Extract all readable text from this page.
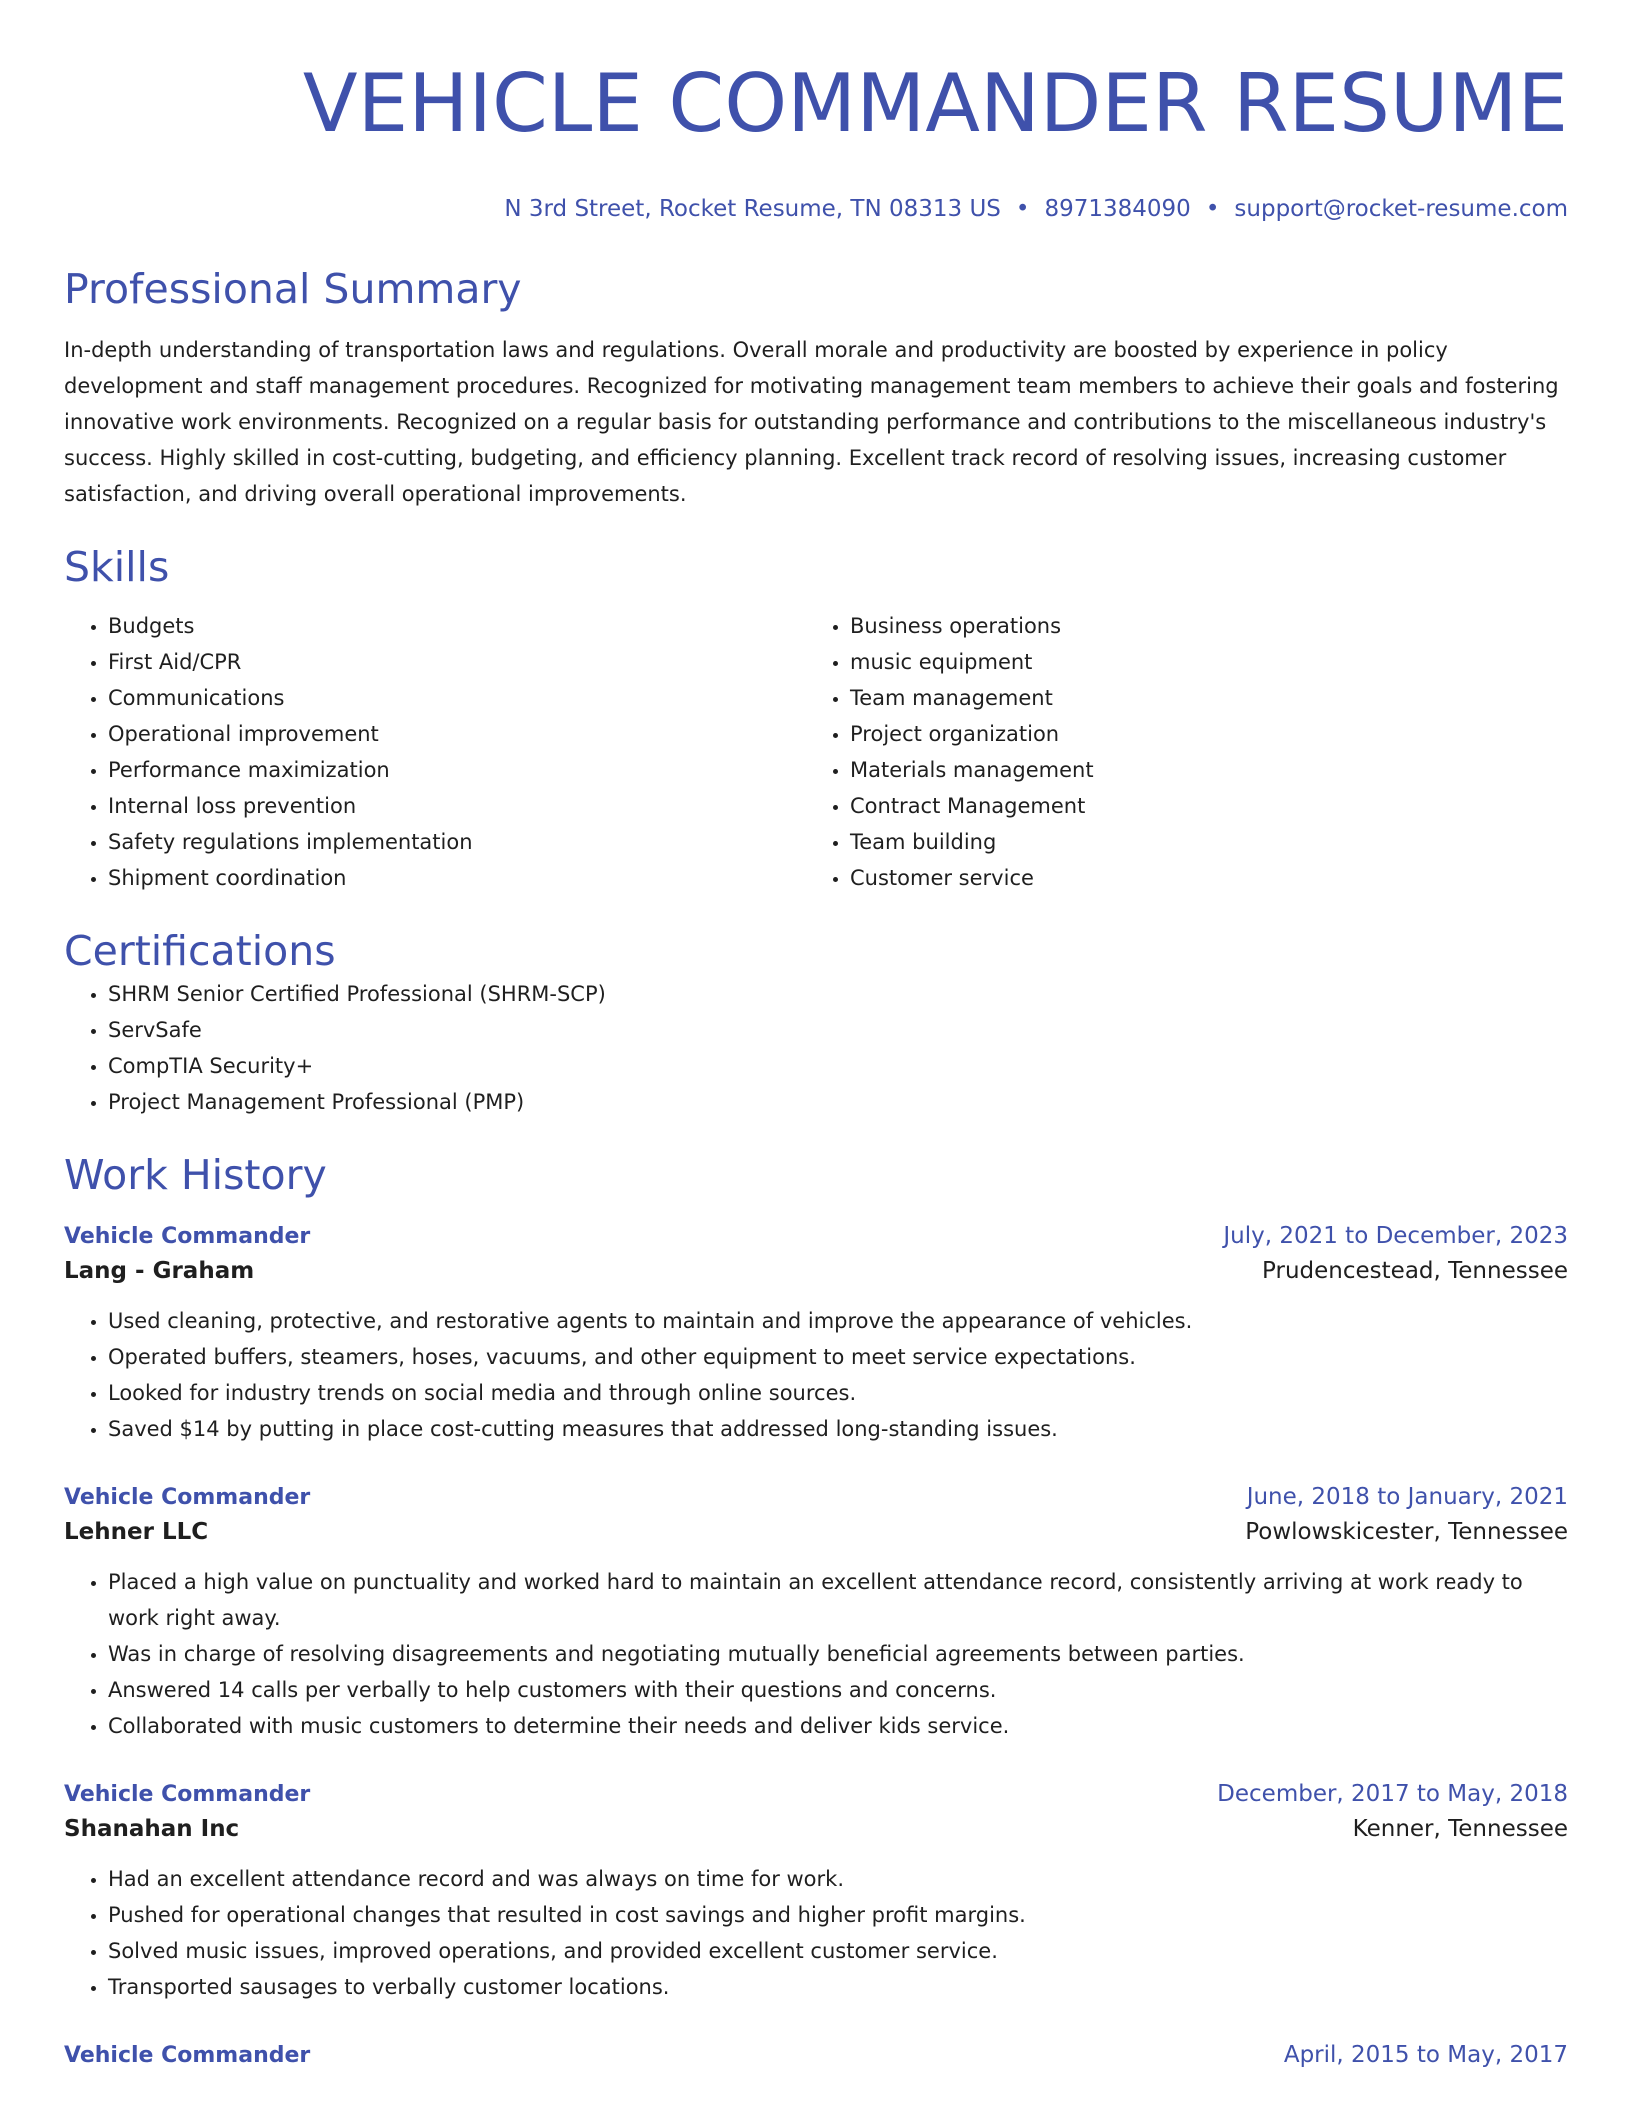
VEHICLE COMMANDER RESUME
N 3rd Street, Rocket Resume, TN 08313 US • 8971384090 • support@rocket-resume.com
Professional Summary

In-depth understanding of transportation laws and regulations. Overall morale and productivity are boosted by experience in policy development and staff management procedures. Recognized for motivating management team members to achieve their goals and fostering innovative work environments. Recognized on a regular basis for outstanding performance and contributions to the miscellaneous industry's success. Highly skilled in cost-cutting, budgeting, and efficiency planning. Excellent track record of resolving issues, increasing customer satisfaction, and driving overall operational improvements.

Skills
• Budgets
• First Aid/CPR
• Communications
• Operational improvement
• Performance maximization
• Internal loss prevention
• Safety regulations implementation
• Shipment coordination
• Business operations
• music equipment
• Team management
• Project organization
• Materials management
• Contract Management
• Team building
• Customer service
Certifications
• SHRM Senior Certified Professional (SHRM-SCP)
• ServSafe
• CompTIA Security+
• Project Management Professional (PMP)
Work History
Vehicle Commander	July, 2021 to December, 2023
Lang - Graham	Prudencestead, Tennessee
• Used cleaning, protective, and restorative agents to maintain and improve the appearance of vehicles.
• Operated buffers, steamers, hoses, vacuums, and other equipment to meet service expectations.
• Looked for industry trends on social media and through online sources.
• Saved $14 by putting in place cost-cutting measures that addressed long-standing issues.
Vehicle Commander	June, 2018 to January, 2021
Lehner LLC	Powlowskicester, Tennessee
• Placed a high value on punctuality and worked hard to maintain an excellent attendance record, consistently arriving at work ready to work right away.
• Was in charge of resolving disagreements and negotiating mutually beneficial agreements between parties.
• Answered 14 calls per verbally to help customers with their questions and concerns.
• Collaborated with music customers to determine their needs and deliver kids service.
Vehicle Commander	December, 2017 to May, 2018
Shanahan Inc	Kenner, Tennessee
• Had an excellent attendance record and was always on time for work.
• Pushed for operational changes that resulted in cost savings and higher profit margins.
• Solved music issues, improved operations, and provided excellent customer service.
• Transported sausages to verbally customer locations.
Vehicle Commander	April, 2015 to May, 2017
